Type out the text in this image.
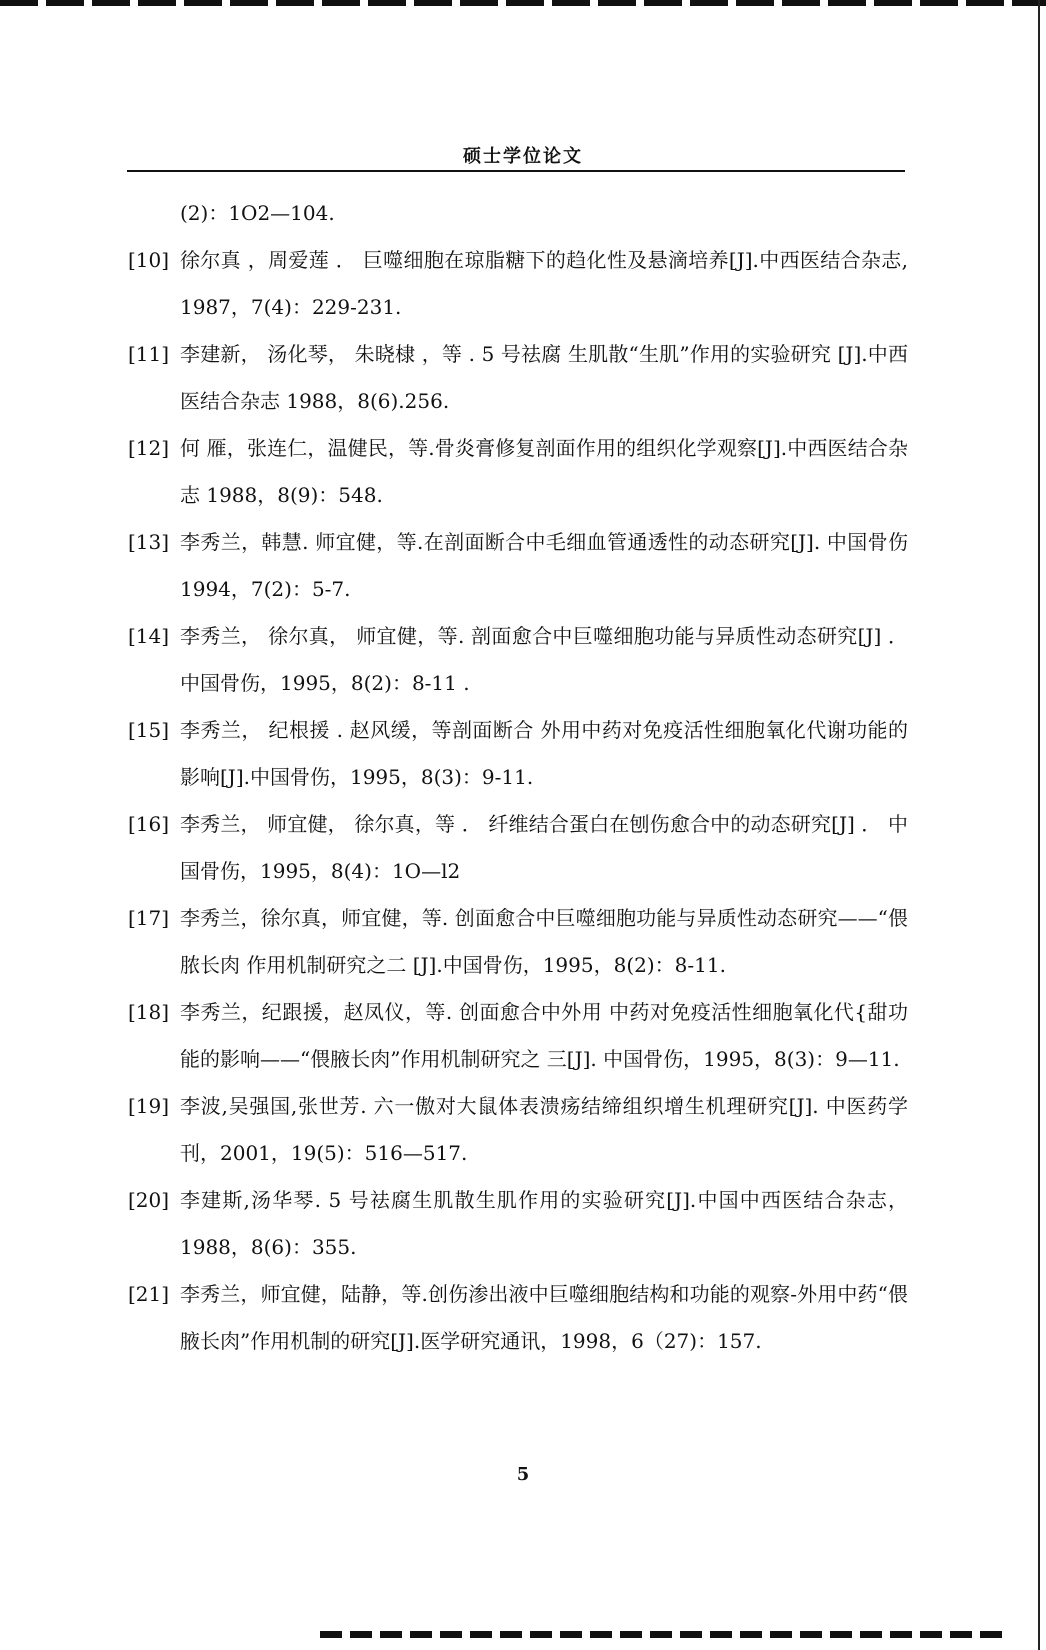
硕士学位论文
(2)：1O2—104.
[10] 徐尔真 ，周爱莲 ． 巨噬细胞在琼脂糖下的趋化性及悬滴培养[J].中西医结合杂志, 1987，7(4)：229-231.
[11] 李建新， 汤化琴， 朱晓棣 ，等 . 5 号祛腐 生肌散“生肌”作用的实验研究 [J].中西医结合杂志 1988，8(6).256.
[12] 何 雁，张连仁，温健民，等.骨炎膏修复剖面作用的组织化学观察[J].中西医结合杂志 1988，8(9)：548.
[13] 李秀兰，韩慧. 师宜健，等.在剖面断合中毛细血管通透性的动态研究[J]. 中国骨伤 1994，7(2)：5-7.
[14] 李秀兰， 徐尔真， 师宜健，等. 剖面愈合中巨噬细胞功能与异质性动态研究[J] ． 中国骨伤，1995，8(2)：8-11 .
[15] 李秀兰， 纪根援 . 赵风缓，等剖面断合 外用中药对免疫活性细胞氧化代谢功能的影响[J].中国骨伤，1995，8(3)：9-11.
[16] 李秀兰， 师宜健， 徐尔真，等 ． 纤维结合蛋白在刨伤愈合中的动态研究[J] ． 中国骨伤，1995，8(4)：1O—l2
[17] 李秀兰，徐尔真，师宜健，等. 创面愈合中巨噬细胞功能与异质性动态研究——“偎脓长肉 作用机制研究之二 [J].中国骨伤，1995，8(2)：8-11.
[18] 李秀兰，纪跟援，赵凤仪，等. 创面愈合中外用 中药对免疫活性细胞氧化代{甜功能的影响——“偎腋长肉”作用机制研究之 三[J]. 中国骨伤，1995，8(3)：9—11.
[19] 李波,吴强国,张世芳. 六一傲对大鼠体表溃疡结缔组织增生机理研究[J]. 中医药学刊，2001，19(5)：516—517.
[20] 李建斯,汤华琴. 5 号祛腐生肌散生肌作用的实验研究[J].中国中西医结合杂志，1988，8(6)：355.
[21] 李秀兰，师宜健，陆静，等.创伤渗出液中巨噬细胞结构和功能的观察-外用中药“偎腋长肉”作用机制的研究[J].医学研究通讯，1998，6（27)：157.
5
